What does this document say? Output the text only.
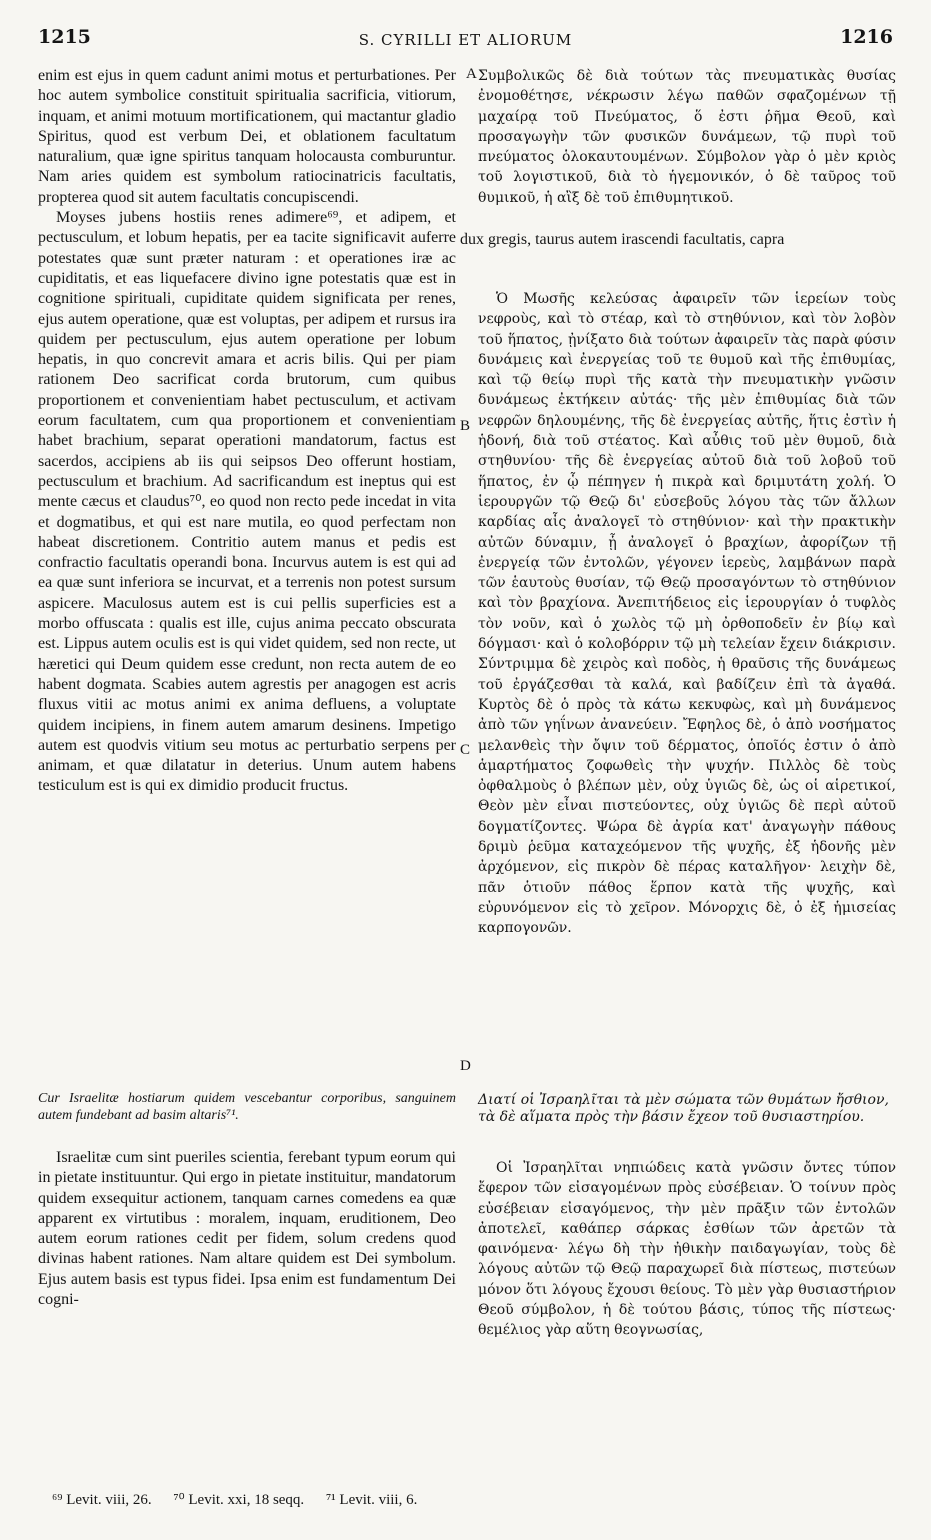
1215	S. CYRILLI ET ALIORUM	1216

enim est ejus in quem cadunt animi motus et perturbationes. Per hoc autem symbolice constituit spiritualia sacrificia, vitiorum, inquam, et animi motuum mortificationem, qui mactantur gladio Spiritus, quod est verbum Dei, et oblationem facultatum naturalium, quæ igne spiritus tanquam holocausta comburuntur. Nam aries quidem est symbolum ratiocinatricis facultatis, propterea quod sit autem facultatis concupiscendi.

Moyses jubens hostiis renes adimere⁶⁹, et adipem, et pectusculum, et lobum hepatis, per ea tacite significavit auferre potestates quæ sunt præter naturam : et operationes iræ ac cupiditatis, et eas liquefacere divino igne potestatis quæ est in cognitione spirituali, cupiditate quidem significata per renes, ejus autem operatione, quæ est voluptas, per adipem et rursus ira quidem per pectusculum, ejus autem operatione per lobum hepatis, in quo concrevit amara et acris bilis. Qui per piam rationem Deo sacrificat corda brutorum, cum quibus proportionem et convenientiam habet pectusculum, et activam eorum facultatem, cum qua proportionem et convenientiam habet brachium, separat operationi mandatorum, factus est sacerdos, accipiens ab iis qui seipsos Deo offerunt hostiam, pectusculum et brachium. Ad sacrificandum est ineptus qui est mente cæcus et claudus⁷⁰, eo quod non recto pede incedat in vita et dogmatibus, et qui est nare mutila, eo quod perfectam non habeat discretionem. Contritio autem manus et pedis est confractio facultatis operandi bona. Incurvus autem is est qui ad ea quæ sunt inferiora se incurvat, et a terrenis non potest sursum aspicere. Maculosus autem est is cui pellis superficies est a morbo offuscata : qualis est ille, cujus anima peccato obscurata est. Lippus autem oculis est is qui videt quidem, sed non recte, ut hæretici qui Deum quidem esse credunt, non recta autem de eo habent dogmata. Scabies autem agrestis per anagogen est acris fluxus vitii ac motus animi ex anima defluens, a voluptate quidem incipiens, in finem autem amarum desinens. Impetigo autem est quodvis vitium seu motus ac perturbatio serpens per animam, et quæ dilatatur in deterius. Unum autem habens testiculum est is qui ex dimidio producit fructus.

Συμβολικῶς δὲ διὰ τούτων τὰς πνευματικὰς θυσίας ἐνομοθέτησε, νέκρωσιν λέγω παθῶν σφαζομένων τῇ μαχαίρᾳ τοῦ Πνεύματος, ὅ ἐστι ῥῆμα Θεοῦ, καὶ προσαγωγὴν τῶν φυσικῶν δυνάμεων, τῷ πυρὶ τοῦ πνεύματος ὁλοκαυτουμένων. Σύμβολον γὰρ ὁ μὲν κριὸς τοῦ λογιστικοῦ, διὰ τὸ ἡγεμονικόν, ὁ δὲ ταῦρος τοῦ θυμικοῦ, ἡ αἲξ δὲ τοῦ ἐπιθυμητικοῦ.

dux gregis, taurus autem irascendi facultatis, capra

Ὁ Μωσῆς κελεύσας ἀφαιρεῖν τῶν ἱερείων τοὺς νεφροὺς, καὶ τὸ στέαρ, καὶ τὸ στηθύνιον, καὶ τὸν λοβὸν τοῦ ἥπατος, ᾐνίξατο διὰ τούτων ἀφαιρεῖν τὰς παρὰ φύσιν δυνάμεις καὶ ἐνεργείας τοῦ τε θυμοῦ καὶ τῆς ἐπιθυμίας, καὶ τῷ θείῳ πυρὶ τῆς κατὰ τὴν πνευματικὴν γνῶσιν δυνάμεως ἐκτήκειν αὐτάς· τῆς μὲν ἐπιθυμίας διὰ τῶν νεφρῶν δηλουμένης, τῆς δὲ ἐνεργείας αὐτῆς, ἥτις ἐστὶν ἡ ἡδονή, διὰ τοῦ στέατος. Καὶ αὖθις τοῦ μὲν θυμοῦ, διὰ στηθυνίου· τῆς δὲ ἐνεργείας αὐτοῦ διὰ τοῦ λοβοῦ τοῦ ἥπατος, ἐν ᾧ πέπηγεν ἡ πικρὰ καὶ δριμυτάτη χολή. Ὁ ἱερουργῶν τῷ Θεῷ δι' εὐσεβοῦς λόγου τὰς τῶν ἄλλων καρδίας αἷς ἀναλογεῖ τὸ στηθύνιον· καὶ τὴν πρακτικὴν αὐτῶν δύναμιν, ᾗ ἀναλογεῖ ὁ βραχίων, ἀφορίζων τῇ ἐνεργείᾳ τῶν ἐντολῶν, γέγονεν ἱερεὺς, λαμβάνων παρὰ τῶν ἑαυτοὺς θυσίαν, τῷ Θεῷ προσαγόντων τὸ στηθύνιον καὶ τὸν βραχίονα. Ἀνεπιτήδειος εἰς ἱερουργίαν ὁ τυφλὸς τὸν νοῦν, καὶ ὁ χωλὸς τῷ μὴ ὀρθοποδεῖν ἐν βίῳ καὶ δόγμασι· καὶ ὁ κολοβόρριν τῷ μὴ τελείαν ἔχειν διάκρισιν. Σύντριμμα δὲ χειρὸς καὶ ποδὸς, ἡ θραῦσις τῆς δυνάμεως τοῦ ἐργάζεσθαι τὰ καλά, καὶ βαδίζειν ἐπὶ τὰ ἀγαθά. Κυρτὸς δὲ ὁ πρὸς τὰ κάτω κεκυφὼς, καὶ μὴ δυνάμενος ἀπὸ τῶν γηΐνων ἀνανεύειν. Ἔφηλος δὲ, ὁ ἀπὸ νοσήματος μελανθεὶς τὴν ὄψιν τοῦ δέρματος, ὁποῖός ἐστιν ὁ ἀπὸ ἁμαρτήματος ζοφωθεὶς τὴν ψυχήν. Πιλλὸς δὲ τοὺς ὀφθαλμοὺς ὁ βλέπων μὲν, οὐχ ὑγιῶς δὲ, ὡς οἱ αἱρετικοί, Θεὸν μὲν εἶναι πιστεύοντες, οὐχ ὑγιῶς δὲ περὶ αὐτοῦ δογματίζοντες. Ψώρα δὲ ἀγρία κατ' ἀναγωγὴν πάθους δριμὺ ῥεῦμα καταχεόμενον τῆς ψυχῆς, ἐξ ἡδονῆς μὲν ἀρχόμενον, εἰς πικρὸν δὲ πέρας καταλῆγον· λειχὴν δὲ, πᾶν ὁτιοῦν πάθος ἕρπον κατὰ τῆς ψυχῆς, καὶ εὐρυνόμενον εἰς τὸ χεῖρον. Μόνορχις δὲ, ὁ ἐξ ἡμισείας καρπογονῶν.

A
B
C
D
Cur Israelitæ hostiarum quidem vescebantur corporibus, sanguinem autem fundebant ad basim altaris⁷¹.
Διατί οἱ Ἰσραηλῖται τὰ μὲν σώματα τῶν θυμάτων ἤσθιον, τὰ δὲ αἵματα πρὸς τὴν βάσιν ἔχεον τοῦ θυσιαστηρίου.

Israelitæ cum sint pueriles scientia, ferebant typum eorum qui in pietate instituuntur. Qui ergo in pietate instituitur, mandatorum quidem exsequitur actionem, tanquam carnes comedens ea quæ apparent ex virtutibus : moralem, inquam, eruditionem, Deo autem eorum rationes cedit per fidem, solum credens quod divinas habent rationes. Nam altare quidem est Dei symbolum. Ejus autem basis est typus fidei. Ipsa enim est fundamentum Dei cogni-

Οἱ Ἰσραηλῖται νηπιώδεις κατὰ γνῶσιν ὄντες τύπον ἔφερον τῶν εἰσαγομένων πρὸς εὐσέβειαν. Ὁ τοίνυν πρὸς εὐσέβειαν εἰσαγόμενος, τὴν μὲν πρᾶξιν τῶν ἐντολῶν ἀποτελεῖ, καθάπερ σάρκας ἐσθίων τῶν ἀρετῶν τὰ φαινόμενα· λέγω δὴ τὴν ἠθικὴν παιδαγωγίαν, τοὺς δὲ λόγους αὐτῶν τῷ Θεῷ παραχωρεῖ διὰ πίστεως, πιστεύων μόνον ὅτι λόγους ἔχουσι θείους. Τὸ μὲν γὰρ θυσιαστήριον Θεοῦ σύμβολον, ἡ δὲ τούτου βάσις, τύπος τῆς πίστεως· θεμέλιος γὰρ αὕτη θεογνωσίας,

⁶⁹ Levit. viii, 26. ⁷⁰ Levit. xxi, 18 seqq. ⁷¹ Levit. viii, 6.
